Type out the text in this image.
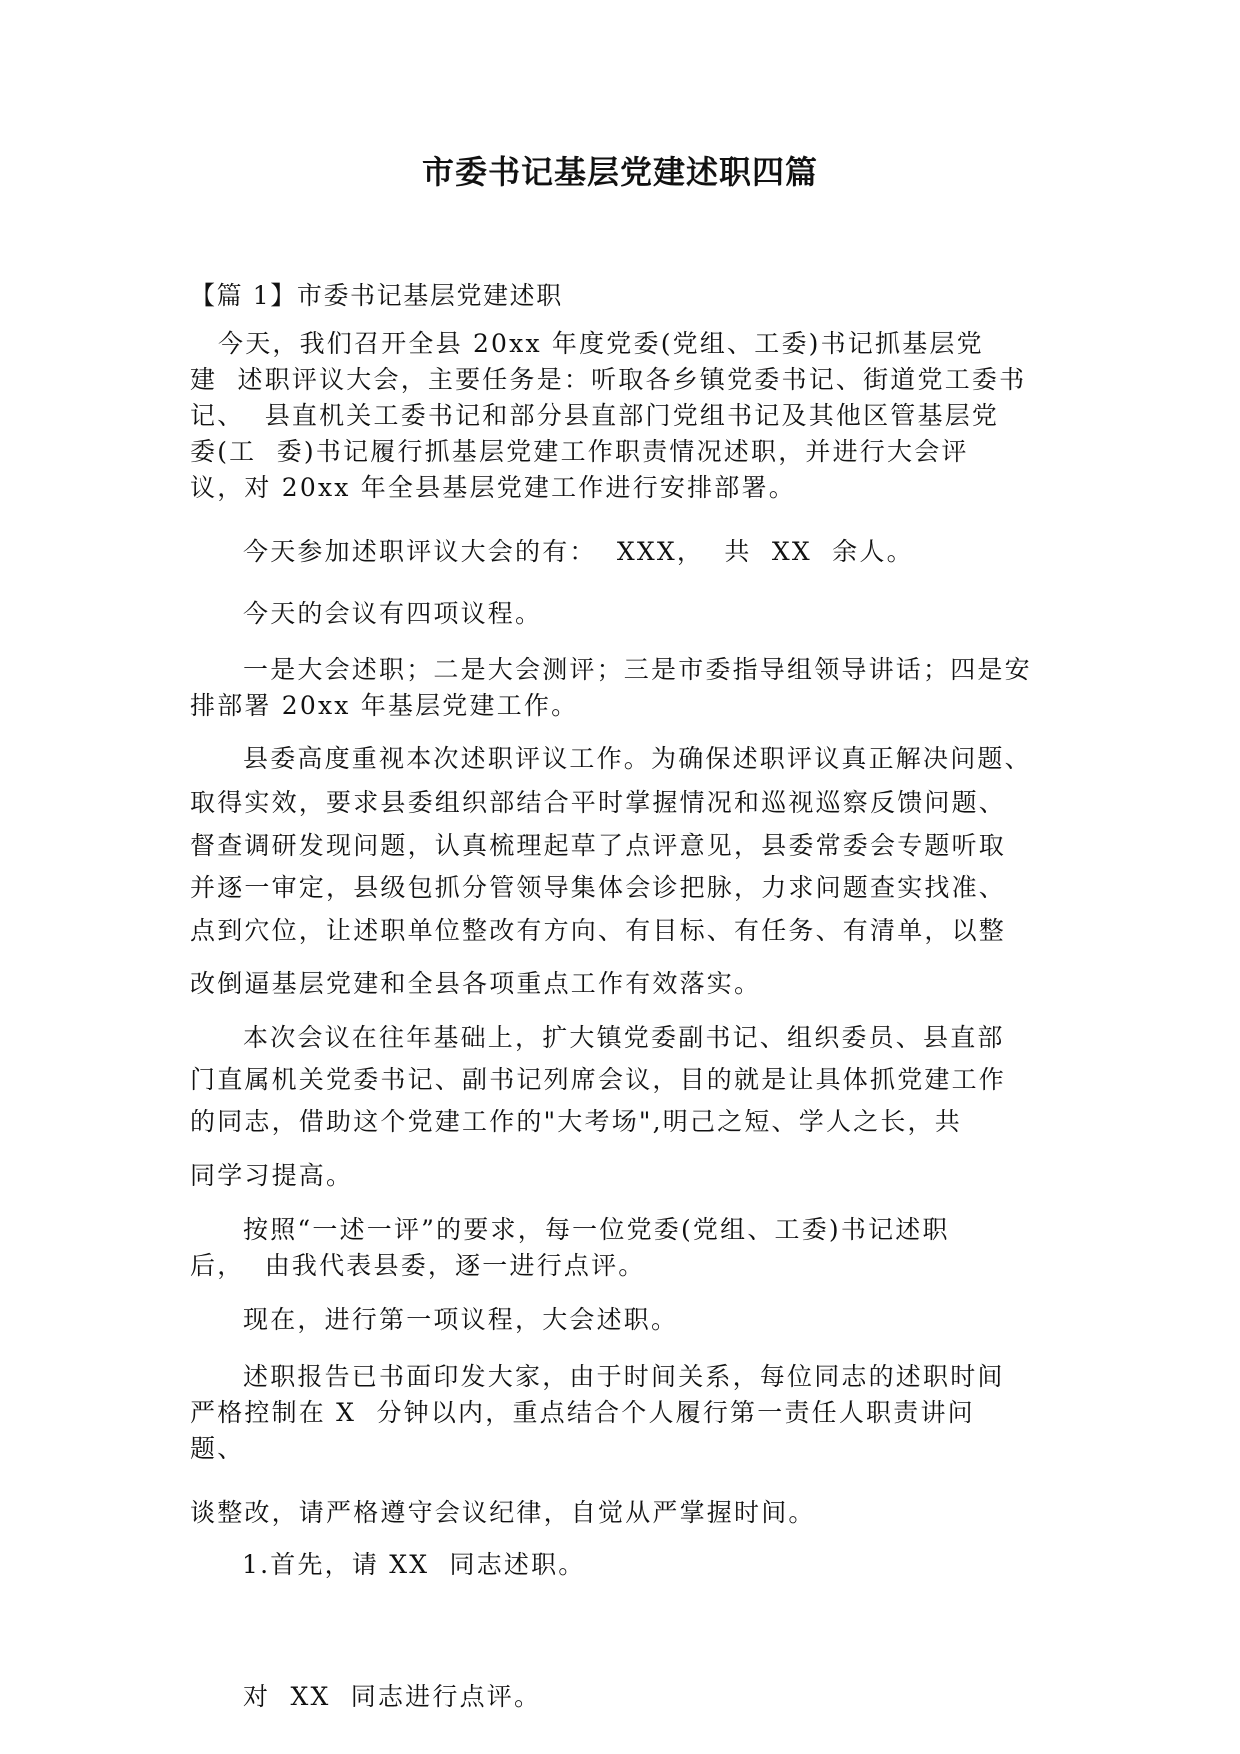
市委书记基层党建述职四篇
【篇 1】市委书记基层党建述职
今天，我们召开全县 20xx 年度党委(党组、工委)书记抓基层党
建  述职评议大会，主要任务是：听取各乡镇党委书记、街道党工委书
记、  县直机关工委书记和部分县直部门党组书记及其他区管基层党
委(工  委)书记履行抓基层党建工作职责情况述职，并进行大会评
议，对 20xx 年全县基层党建工作进行安排部署。
今天参加述职评议大会的有：  XXX，  共  XX  余人。
今天的会议有四项议程。
一是大会述职；二是大会测评；三是市委指导组领导讲话；四是安
排部署 20xx 年基层党建工作。
县委高度重视本次述职评议工作。为确保述职评议真正解决问题、
取得实效，要求县委组织部结合平时掌握情况和巡视巡察反馈问题、
督查调研发现问题，认真梳理起草了点评意见，县委常委会专题听取
并逐一审定，县级包抓分管领导集体会诊把脉，力求问题查实找准、
点到穴位，让述职单位整改有方向、有目标、有任务、有清单，以整
改倒逼基层党建和全县各项重点工作有效落实。
本次会议在往年基础上，扩大镇党委副书记、组织委员、县直部
门直属机关党委书记、副书记列席会议，目的就是让具体抓党建工作
的同志，借助这个党建工作的"大考场",明己之短、学人之长，共
同学习提高。
按照“一述一评”的要求，每一位党委(党组、工委)书记述职
后，  由我代表县委，逐一进行点评。
现在，进行第一项议程，大会述职。
述职报告已书面印发大家，由于时间关系，每位同志的述职时间
严格控制在 X  分钟以内，重点结合个人履行第一责任人职责讲问
题、
谈整改，请严格遵守会议纪律，自觉从严掌握时间。
1.首先，请 XX  同志述职。
对  XX  同志进行点评。
